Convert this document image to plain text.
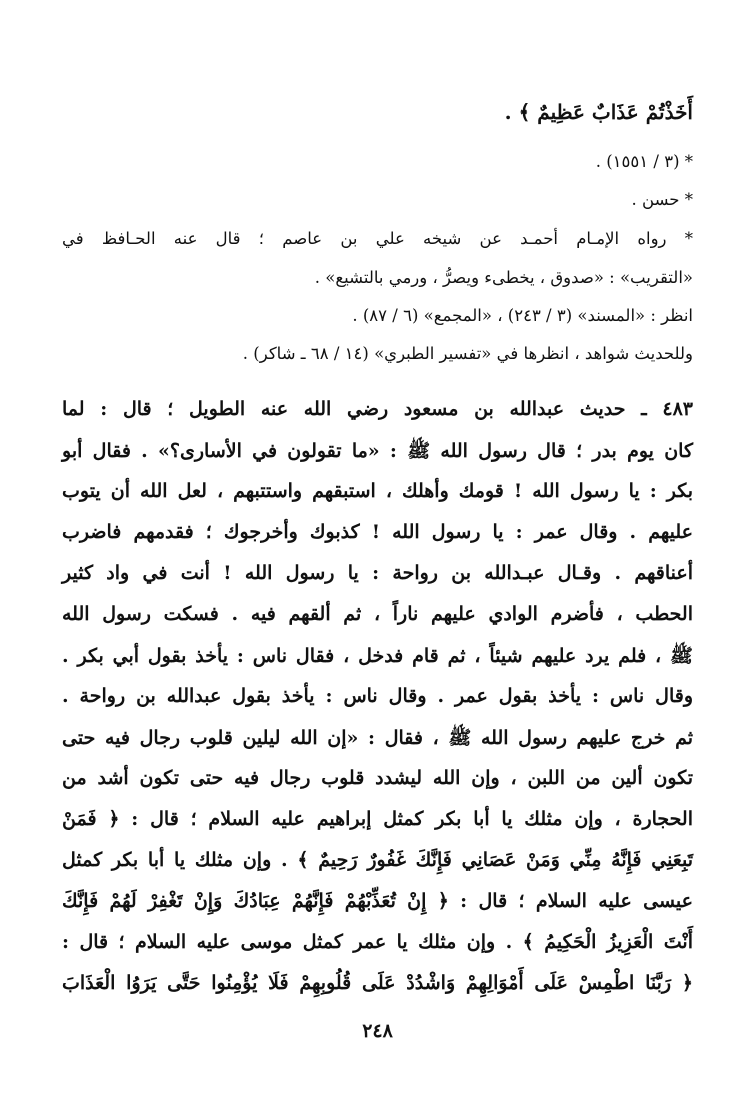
أَخَذْتُمْ عَذَابٌ عَظِيمٌ ﴾ .
* (٣ / ١٥٥١) .
* حسن .
* رواه الإمـام أحمـد عن شيخه علي بن عاصم ؛ قال عنه الحـافظ في
«التقريب» : «صدوق ، يخطىء ويصرُّ ، ورمي بالتشيع» .
انظر : «المسند» (٣ / ٢٤٣) ، «المجمع» (٦ / ٨٧) .
وللحديث شواهد ، انظرها في «تفسير الطبري» (١٤ / ٦٨ ـ شاكر) .
٤٨٣ ـ حديث عبدالله بن مسعود رضي الله عنه الطويل ؛ قال : لما
كان يوم بدر ؛ قال رسول الله ﷺ : «ما تقولون في الأسارى؟» . فقال أبو
بكر : يا رسول الله ! قومك وأهلك ، استبقهم واستتبهم ، لعل الله أن يتوب
عليهم . وقال عمر : يا رسول الله ! كذبوك وأخرجوك ؛ فقدمهم فاضرب
أعناقهم . وقـال عبـدالله بن رواحة : يا رسول الله ! أنت في واد كثير
الحطب ، فأضرم الوادي عليهم ناراً ، ثم ألقهم فيه . فسكت رسول الله
ﷺ ، فلم يرد عليهم شيئاً ، ثم قام فدخل ، فقال ناس : يأخذ بقول أبي بكر .
وقال ناس : يأخذ بقول عمر . وقال ناس : يأخذ بقول عبدالله بن رواحة .
ثم خرج عليهم رسول الله ﷺ ، فقال : «إن الله ليلين قلوب رجال فيه حتى
تكون ألين من اللبن ، وإن الله ليشدد قلوب رجال فيه حتى تكون أشد من
الحجارة ، وإن مثلك يا أبا بكر كمثل إبراهيم عليه السلام ؛ قال : ﴿ فَمَنْ
تَبِعَنِي فَإِنَّهُ مِنِّي وَمَنْ عَصَانِي فَإِنَّكَ غَفُورٌ رَحِيمٌ ﴾ . وإن مثلك يا أبا بكر كمثل
عيسى عليه السلام ؛ قال : ﴿ إِنْ تُعَذِّبْهُمْ فَإِنَّهُمْ عِبَادُكَ وَإِنْ تَغْفِرْ لَهُمْ فَإِنَّكَ
أَنْتَ الْعَزِيزُ الْحَكِيمُ ﴾ . وإن مثلك يا عمر كمثل موسى عليه السلام ؛ قال :
﴿ رَبَّنَا اطْمِسْ عَلَى أَمْوَالِهِمْ وَاشْدُدْ عَلَى قُلُوبِهِمْ فَلَا يُؤْمِنُوا حَتَّى يَرَوُا الْعَذَابَ
٢٤٨
